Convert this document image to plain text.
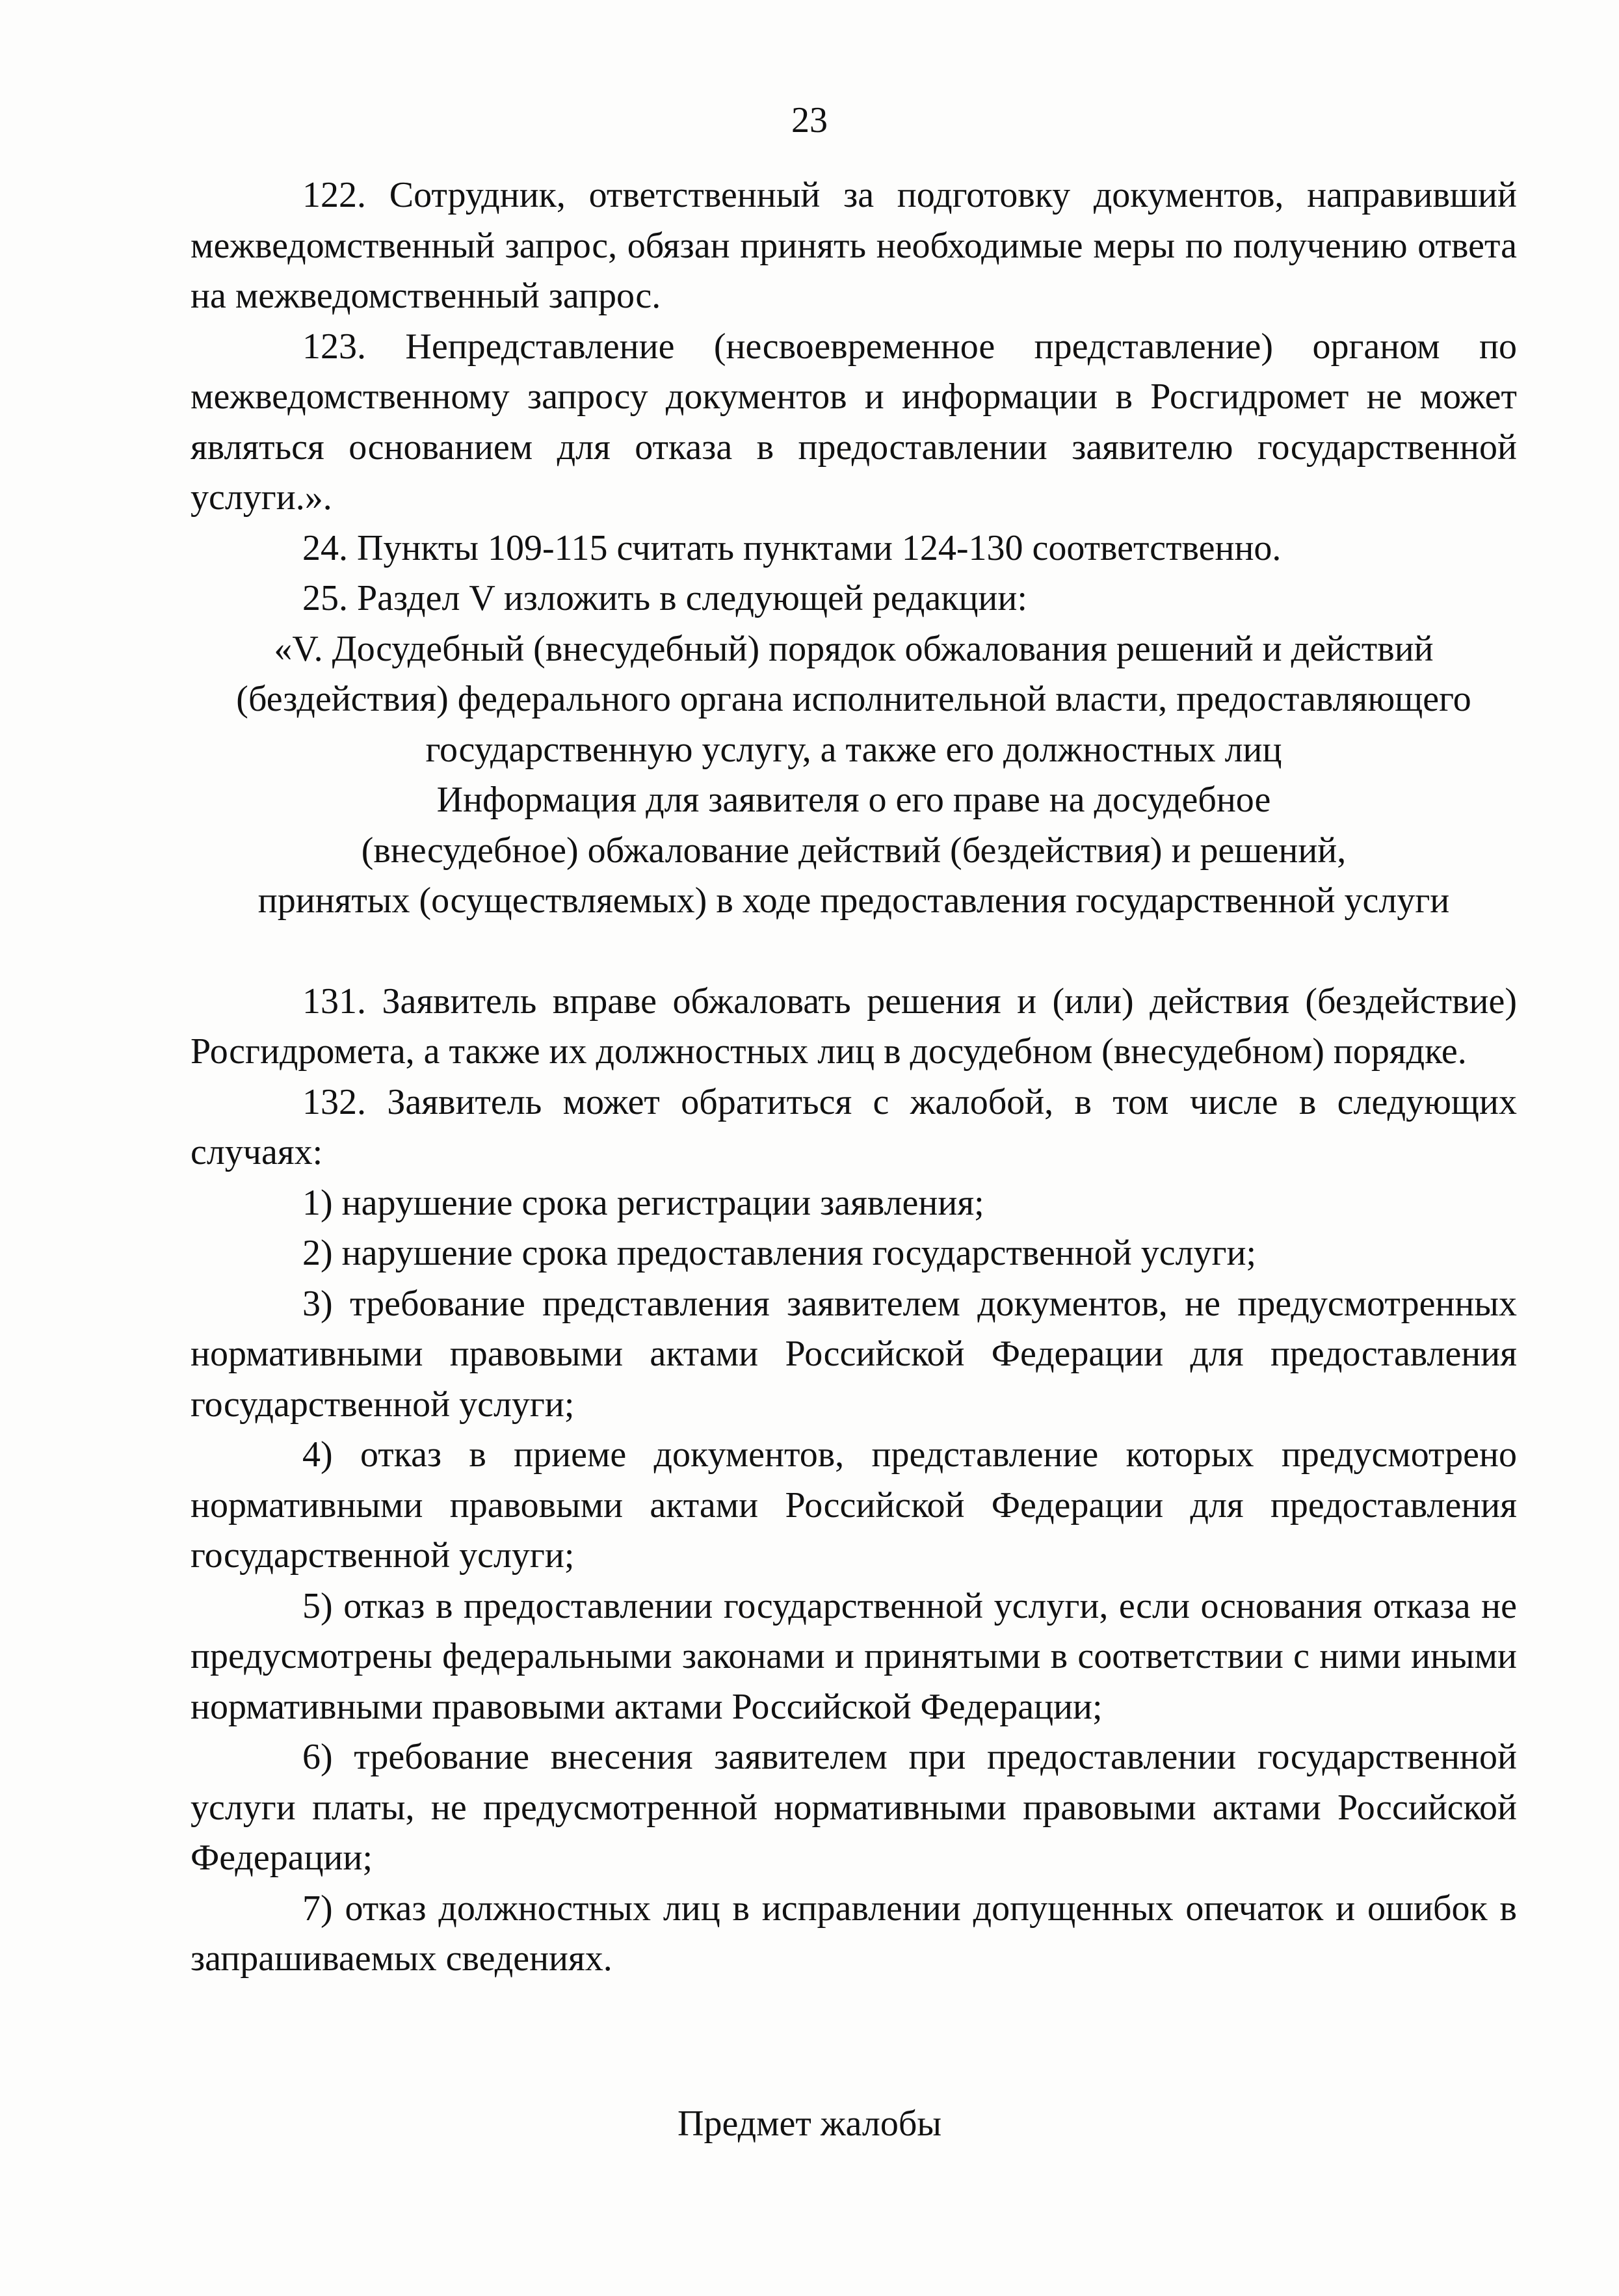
23

122. Сотрудник, ответственный за подготовку документов, направивший межведомственный запрос, обязан принять необходимые меры по получению ответа на межведомственный запрос.

123. Непредставление (несвоевременное представление) органом по межведомственному запросу документов и информации в Росгидромет не может являться основанием для отказа в предоставлении заявителю государственной услуги.».

24. Пункты 109-115 считать пунктами 124-130 соответственно.

25. Раздел V изложить в следующей редакции:

«V. Досудебный (внесудебный) порядок обжалования решений и действий

(бездействия) федерального органа исполнительной власти, предоставляющего

государственную услугу, а также его должностных лиц

Информация для заявителя о его праве на досудебное

(внесудебное) обжалование действий (бездействия) и решений,

принятых (осуществляемых) в ходе предоставления государственной услуги

131. Заявитель вправе обжаловать решения и (или) действия (бездействие) Росгидромета, а также их должностных лиц в досудебном (внесудебном) порядке.

132. Заявитель может обратиться с жалобой, в том числе в следующих случаях:

1) нарушение срока регистрации заявления;

2) нарушение срока предоставления государственной услуги;

3) требование представления заявителем документов, не предусмотренных нормативными правовыми актами Российской Федерации для предоставления государственной услуги;

4) отказ в приеме документов, представление которых предусмотрено нормативными правовыми актами Российской Федерации для предоставления государственной услуги;

5) отказ в предоставлении государственной услуги, если основания отказа не предусмотрены федеральными законами и принятыми в соответствии с ними иными нормативными правовыми актами Российской Федерации;

6) требование внесения заявителем при предоставлении государственной услуги платы, не предусмотренной нормативными правовыми актами Российской Федерации;

7) отказ должностных лиц в исправлении допущенных опечаток и ошибок в запрашиваемых сведениях.

Предмет жалобы
